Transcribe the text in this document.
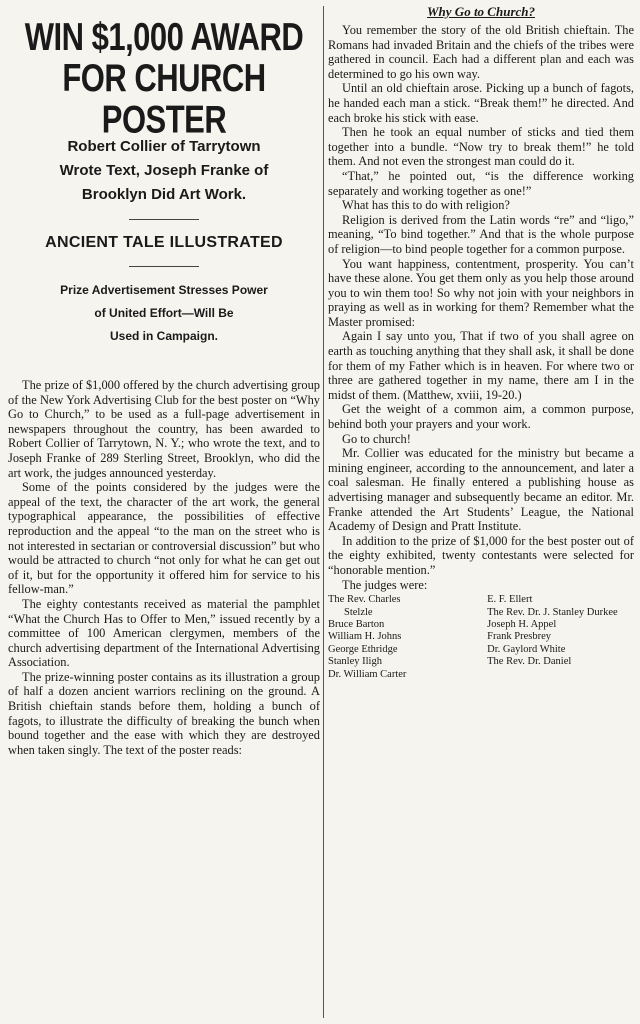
WIN $1,000 AWARD
FOR CHURCH POSTER
Robert Collier of Tarrytown
Wrote Text, Joseph Franke of
Brooklyn Did Art Work.
ANCIENT TALE ILLUSTRATED
Prize Advertisement Stresses Power
of United Effort—Will Be
Used in Campaign.

The prize of $1,000 offered by the church advertising group of the New York Advertising Club for the best poster on “Why Go to Church,” to be used as a full-page advertisement in newspapers throughout the country, has been awarded to Robert Collier of Tarrytown, N. Y.; who wrote the text, and to Joseph Franke of 289 Sterling Street, Brooklyn, who did the art work, the judges announced yesterday.

Some of the points considered by the judges were the appeal of the text, the character of the art work, the general typographical appearance, the possibilities of effective reproduction and the appeal “to the man on the street who is not interested in sectarian or controversial discussion” but who would be attracted to church “not only for what he can get out of it, but for the opportunity it offered him for service to his fellow-man.”

The eighty contestants received as material the pamphlet “What the Church Has to Offer to Men,” issued recently by a committee of 100 American clergymen, members of the church advertising department of the International Advertising Association.

The prize-winning poster contains as its illustration a group of half a dozen ancient warriors reclining on the ground. A British chieftain stands before them, holding a bunch of fagots, to illustrate the difficulty of breaking the bunch when bound together and the ease with which they are destroyed when taken singly. The text of the poster reads:

Why Go to Church?

You remember the story of the old British chieftain. The Romans had invaded Britain and the chiefs of the tribes were gathered in council. Each had a different plan and each was determined to go his own way.

Until an old chieftain arose. Picking up a bunch of fagots, he handed each man a stick. “Break them!” he directed. And each broke his stick with ease.

Then he took an equal number of sticks and tied them together into a bundle. “Now try to break them!” he told them. And not even the strongest man could do it.

“That,” he pointed out, “is the difference working separately and working together as one!”

What has this to do with religion?

Religion is derived from the Latin words “re” and “ligo,” meaning, “To bind together.” And that is the whole purpose of religion—to bind people together for a common purpose.

You want happiness, contentment, prosperity. You can’t have these alone. You get them only as you help those around you to win them too! So why not join with your neighbors in praying as well as in working for them? Remember what the Master promised:

Again I say unto you, That if two of you shall agree on earth as touching anything that they shall ask, it shall be done for them of my Father which is in heaven. For where two or three are gathered together in my name, there am I in the midst of them. (Matthew, xviii, 19-20.)

Get the weight of a common aim, a common purpose, behind both your prayers and your work.

Go to church!

Mr. Collier was educated for the ministry but became a mining engineer, according to the announcement, and later a coal salesman. He finally entered a publishing house as advertising manager and subsequently became an editor. Mr. Franke attended the Art Students’ League, the National Academy of Design and Pratt Institute.

In addition to the prize of $1,000 for the best poster out of the eighty exhibited, twenty contestants were selected for “honorable mention.”

The judges were:

The Rev. Charles
Stelzle
Bruce Barton
William H. Johns
George Ethridge
Stanley Iligh
Dr. William Carter
E. F. Ellert
The Rev. Dr. J. Stanley Durkee
Joseph H. Appel
Frank Presbrey
Dr. Gaylord White
The Rev. Dr. Daniel
